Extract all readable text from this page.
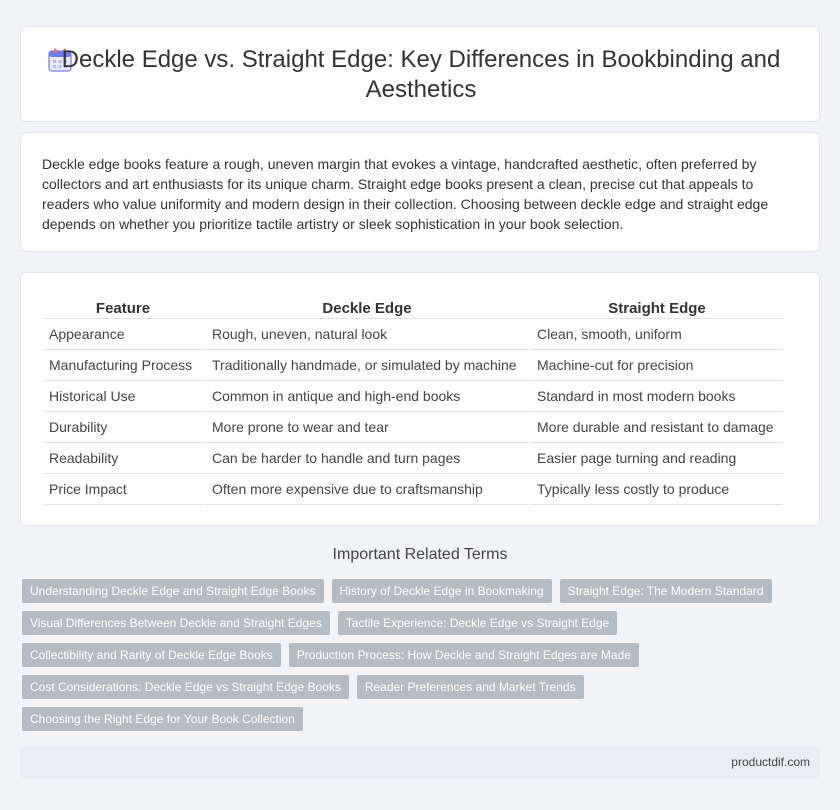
Deckle Edge vs. Straight Edge: Key Differences in Bookbinding and Aesthetics

Deckle edge books feature a rough, uneven margin that evokes a vintage, handcrafted aesthetic, often preferred by collectors and art enthusiasts for its unique charm. Straight edge books present a clean, precise cut that appeals to readers who value uniformity and modern design in their collection. Choosing between deckle edge and straight edge depends on whether you prioritize tactile artistry or sleek sophistication in your book selection.

Feature	Deckle Edge	Straight Edge
Appearance	Rough, uneven, natural look	Clean, smooth, uniform
Manufacturing Process	Traditionally handmade, or simulated by machine	Machine-cut for precision
Historical Use	Common in antique and high-end books	Standard in most modern books
Durability	More prone to wear and tear	More durable and resistant to damage
Readability	Can be harder to handle and turn pages	Easier page turning and reading
Price Impact	Often more expensive due to craftsmanship	Typically less costly to produce
Important Related Terms
Understanding Deckle Edge and Straight Edge Books	History of Deckle Edge in Bookmaking	Straight Edge: The Modern Standard
Visual Differences Between Deckle and Straight Edges	Tactile Experience: Deckle Edge vs Straight Edge
Collectibility and Rarity of Deckle Edge Books	Production Process: How Deckle and Straight Edges are Made
Cost Considerations: Deckle Edge vs Straight Edge Books	Reader Preferences and Market Trends
Choosing the Right Edge for Your Book Collection
productdif.com
